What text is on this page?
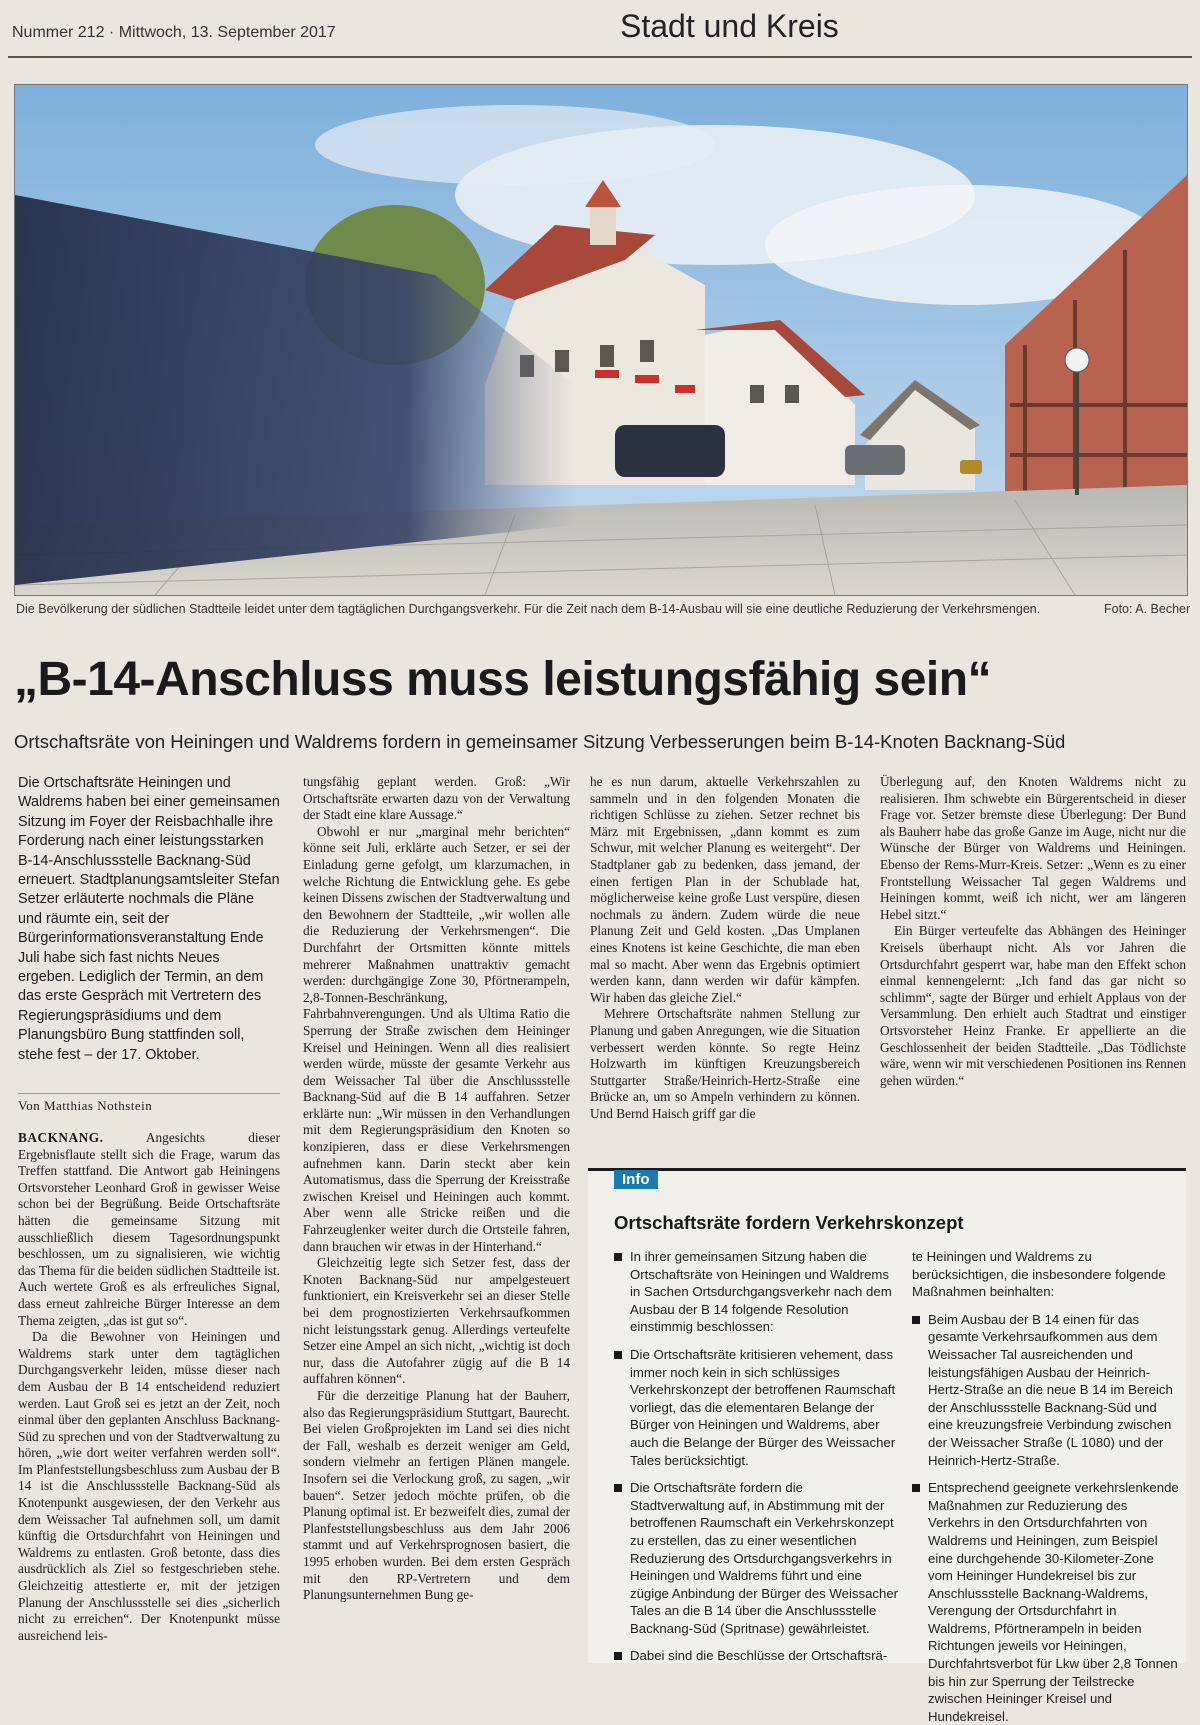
Nummer 212 · Mittwoch, 13. September 2017	Stadt und Kreis
Die Bevölkerung der südlichen Stadtteile leidet unter dem tagtäglichen Durchgangsverkehr. Für die Zeit nach dem B-14-Ausbau will sie eine deutliche Reduzierung der Verkehrsmengen.	Foto: A. Becher
„B-14-Anschluss muss leistungsfähig sein“
Ortschaftsräte von Heiningen und Waldrems fordern in gemeinsamer Sitzung Verbesserungen beim B-14-Knoten Backnang-Süd
Die Ortschaftsräte Heiningen und Waldrems haben bei einer gemeinsamen Sitzung im Foyer der Reisbachhalle ihre Forderung nach einer leistungsstarken B-14-Anschlussstelle Backnang-Süd erneuert. Stadtplanungsamtsleiter Stefan Setzer erläuterte nochmals die Pläne und räumte ein, seit der Bürgerinformationsveranstaltung Ende Juli habe sich fast nichts Neues ergeben. Lediglich der Termin, an dem das erste Gespräch mit Vertretern des Regierungspräsidiums und dem Planungsbüro Bung stattfinden soll, stehe fest – der 17. Oktober.
Von Matthias Nothstein

BACKNANG.	Angesichts dieser Ergebnisflaute stellt sich die Frage, warum das Treffen stattfand. Die Antwort gab Heiningens Ortsvorsteher Leonhard Groß in gewisser Weise schon bei der Begrüßung. Beide Ortschaftsräte hätten die gemeinsame Sitzung mit ausschließlich diesem Tagesordnungspunkt beschlossen, um zu signalisieren, wie wichtig das Thema für die beiden südlichen Stadtteile ist. Auch wertete Groß es als erfreuliches Signal, dass erneut zahlreiche Bürger Interesse an dem Thema zeigten, „das ist gut so“.

Da die Bewohner von Heiningen und Waldrems stark unter dem tagtäglichen Durchgangsverkehr leiden, müsse dieser nach dem Ausbau der B 14 entscheidend reduziert werden. Laut Groß sei es jetzt an der Zeit, noch einmal über den geplanten Anschluss Backnang-Süd zu sprechen und von der Stadtverwaltung zu hören, „wie dort weiter verfahren werden soll“. Im Planfeststellungsbeschluss zum Ausbau der B 14 ist die Anschlussstelle Backnang-Süd als Knotenpunkt ausgewiesen, der den Verkehr aus dem Weissacher Tal aufnehmen soll, um damit künftig die Ortsdurchfahrt von Heiningen und Waldrems zu entlasten. Groß betonte, dass dies ausdrücklich als Ziel so festgeschrieben stehe. Gleichzeitig attestierte er, mit der jetzigen Planung der Anschlussstelle sei dies „sicherlich nicht zu erreichen“. Der Knotenpunkt müsse ausreichend leis-

tungsfähig geplant werden. Groß: „Wir Ortschaftsräte erwarten dazu von der Verwaltung der Stadt eine klare Aussage.“

Obwohl er nur „marginal mehr berichten“ könne seit Juli, erklärte auch Setzer, er sei der Einladung gerne gefolgt, um klarzumachen, in welche Richtung die Entwicklung gehe. Es gebe keinen Dissens zwischen der Stadtverwaltung und den Bewohnern der Stadtteile, „wir wollen alle die Reduzierung der Verkehrsmengen“. Die Durchfahrt der Ortsmitten könnte mittels mehrerer Maßnahmen unattraktiv gemacht werden: durchgängige Zone 30, Pförtnerampeln, 2,8-Tonnen-Beschränkung, Fahrbahnverengungen. Und als Ultima Ratio die Sperrung der Straße zwischen dem Heininger Kreisel und Heiningen. Wenn all dies realisiert werden würde, müsste der gesamte Verkehr aus dem Weissacher Tal über die Anschlussstelle Backnang-Süd auf die B 14 auffahren. Setzer erklärte nun: „Wir müssen in den Verhandlungen mit dem Regierungspräsidium den Knoten so konzipieren, dass er diese Verkehrsmengen aufnehmen kann. Darin steckt aber kein Automatismus, dass die Sperrung der Kreisstraße zwischen Kreisel und Heiningen auch kommt. Aber wenn alle Stricke reißen und die Fahrzeuglenker weiter durch die Ortsteile fahren, dann brauchen wir etwas in der Hinterhand.“

Gleichzeitig legte sich Setzer fest, dass der Knoten Backnang-Süd nur ampelgesteuert funktioniert, ein Kreisverkehr sei an dieser Stelle bei dem prognostizierten Verkehrsaufkommen nicht leistungsstark genug. Allerdings verteufelte Setzer eine Ampel an sich nicht, „wichtig ist doch nur, dass die Autofahrer zügig auf die B 14 auffahren können“.

Für die derzeitige Planung hat der Bauherr, also das Regierungspräsidium Stuttgart, Baurecht. Bei vielen Großprojekten im Land sei dies nicht der Fall, weshalb es derzeit weniger am Geld, sondern vielmehr an fertigen Plänen mangele. Insofern sei die Verlockung groß, zu sagen, „wir bauen“. Setzer jedoch möchte prüfen, ob die Planung optimal ist. Er bezweifelt dies, zumal der Planfeststellungsbeschluss aus dem Jahr 2006 stammt und auf Verkehrsprognosen basiert, die 1995 erhoben wurden. Bei dem ersten Gespräch mit den RP-Vertretern und dem Planungsunternehmen Bung ge-

he es nun darum, aktuelle Verkehrszahlen zu sammeln und in den folgenden Monaten die richtigen Schlüsse zu ziehen. Setzer rechnet bis März mit Ergebnissen, „dann kommt es zum Schwur, mit welcher Planung es weitergeht“. Der Stadtplaner gab zu bedenken, dass jemand, der einen fertigen Plan in der Schublade hat, möglicherweise keine große Lust verspüre, diesen nochmals zu ändern. Zudem würde die neue Planung Zeit und Geld kosten. „Das Umplanen eines Knotens ist keine Geschichte, die man eben mal so macht. Aber wenn das Ergebnis optimiert werden kann, dann werden wir dafür kämpfen. Wir haben das gleiche Ziel.“

Mehrere Ortschaftsräte nahmen Stellung zur Planung und gaben Anregungen, wie die Situation verbessert werden könnte. So regte Heinz Holzwarth im künftigen Kreuzungsbereich Stuttgarter Straße/Heinrich-Hertz-Straße eine Brücke an, um so Ampeln verhindern zu können. Und Bernd Haisch griff gar die

Überlegung auf, den Knoten Waldrems nicht zu realisieren. Ihm schwebte ein Bürgerentscheid in dieser Frage vor. Setzer bremste diese Überlegung: Der Bund als Bauherr habe das große Ganze im Auge, nicht nur die Wünsche der Bürger von Waldrems und Heiningen. Ebenso der Rems-Murr-Kreis. Setzer: „Wenn es zu einer Frontstellung Weissacher Tal gegen Waldrems und Heiningen kommt, weiß ich nicht, wer am längeren Hebel sitzt.“

Ein Bürger verteufelte das Abhängen des Heininger Kreisels überhaupt nicht. Als vor Jahren die Ortsdurchfahrt gesperrt war, habe man den Effekt schon einmal kennengelernt: „Ich fand das gar nicht so schlimm“, sagte der Bürger und erhielt Applaus von der Versammlung. Den erhielt auch Stadtrat und einstiger Ortsvorsteher Heinz Franke. Er appellierte an die Geschlossenheit der beiden Stadtteile. „Das Tödlichste wäre, wenn wir mit verschiedenen Positionen ins Rennen gehen würden.“

Info
Ortschaftsräte fordern Verkehrskonzept
In ihrer gemeinsamen Sitzung haben die Ortschaftsräte von Heiningen und Waldrems in Sachen Ortsdurchgangsverkehr nach dem Ausbau der B 14 folgende Resolution einstimmig beschlossen:
Die Ortschaftsräte kritisieren vehement, dass immer noch kein in sich schlüssiges Verkehrskonzept der betroffenen Raumschaft vorliegt, das die elementaren Belange der Bürger von Heiningen und Waldrems, aber auch die Belange der Bürger des Weissacher Tales berücksichtigt.
Die Ortschaftsräte fordern die Stadtverwaltung auf, in Abstimmung mit der betroffenen Raumschaft ein Verkehrskonzept zu erstellen, das zu einer wesentlichen Reduzierung des Ortsdurchgangsverkehrs in Heiningen und Waldrems führt und eine zügige Anbindung der Bürger des Weissacher Tales an die B 14 über die Anschlussstelle Backnang-Süd (Spritnase) gewährleistet.
Dabei sind die Beschlüsse der Ortschaftsrä-
te Heiningen und Waldrems zu berücksichtigen, die insbesondere folgende Maßnahmen beinhalten:
Beim Ausbau der B 14 einen für das gesamte Verkehrsaufkommen aus dem Weissacher Tal ausreichenden und leistungsfähigen Ausbau der Heinrich-Hertz-Straße an die neue B 14 im Bereich der Anschlussstelle Backnang-Süd und eine kreuzungsfreie Verbindung zwischen der Weissacher Straße (L 1080) und der Heinrich-Hertz-Straße.
Entsprechend geeignete verkehrslenkende Maßnahmen zur Reduzierung des Verkehrs in den Ortsdurchfahrten von Waldrems und Heiningen, zum Beispiel eine durchgehende 30-Kilometer-Zone vom Heininger Hundekreisel bis zur Anschlussstelle Backnang-Waldrems, Verengung der Ortsdurchfahrt in Waldrems, Pförtnerampeln in beiden Richtungen jeweils vor Heiningen, Durchfahrtsverbot für Lkw über 2,8 Tonnen bis hin zur Sperrung der Teilstrecke zwischen Heininger Kreisel und Hundekreisel.
